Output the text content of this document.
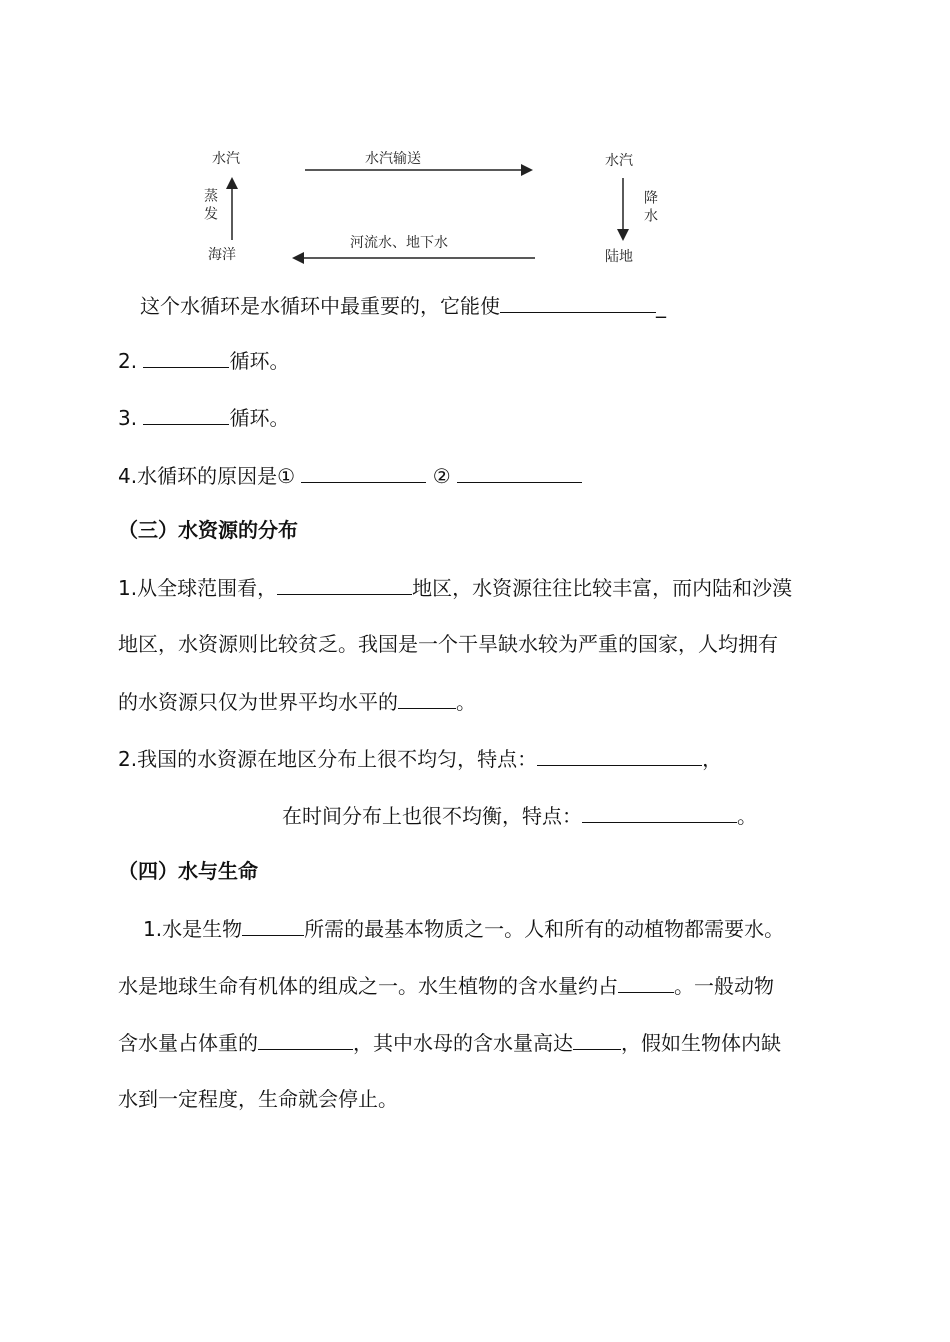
水汽	水汽输送	水汽
蒸发	降水
海洋
河流水、地下水
陆地
这个水循环是水循环中最重要的，它能使	_
2.	循环。
3.	循环。
4.水循环的原因是①	②
（三）水资源的分布
1.从全球范围看，	地区，水资源往往比较丰富，而内陆和沙漠
地区，水资源则比较贫乏。我国是一个干旱缺水较为严重的国家，人均拥有
的水资源只仅为世界平均水平的	。
2.我国的水资源在地区分布上很不均匀，特点：	，
在时间分布上也很不均衡，特点：	。
（四）水与生命
1.水是生物	所需的最基本物质之一。人和所有的动植物都需要水。
水是地球生命有机体的组成之一。水生植物的含水量约占	。一般动物
含水量占体重的	，其中水母的含水量高达 ，假如生物体内缺
水到一定程度，生命就会停止。
